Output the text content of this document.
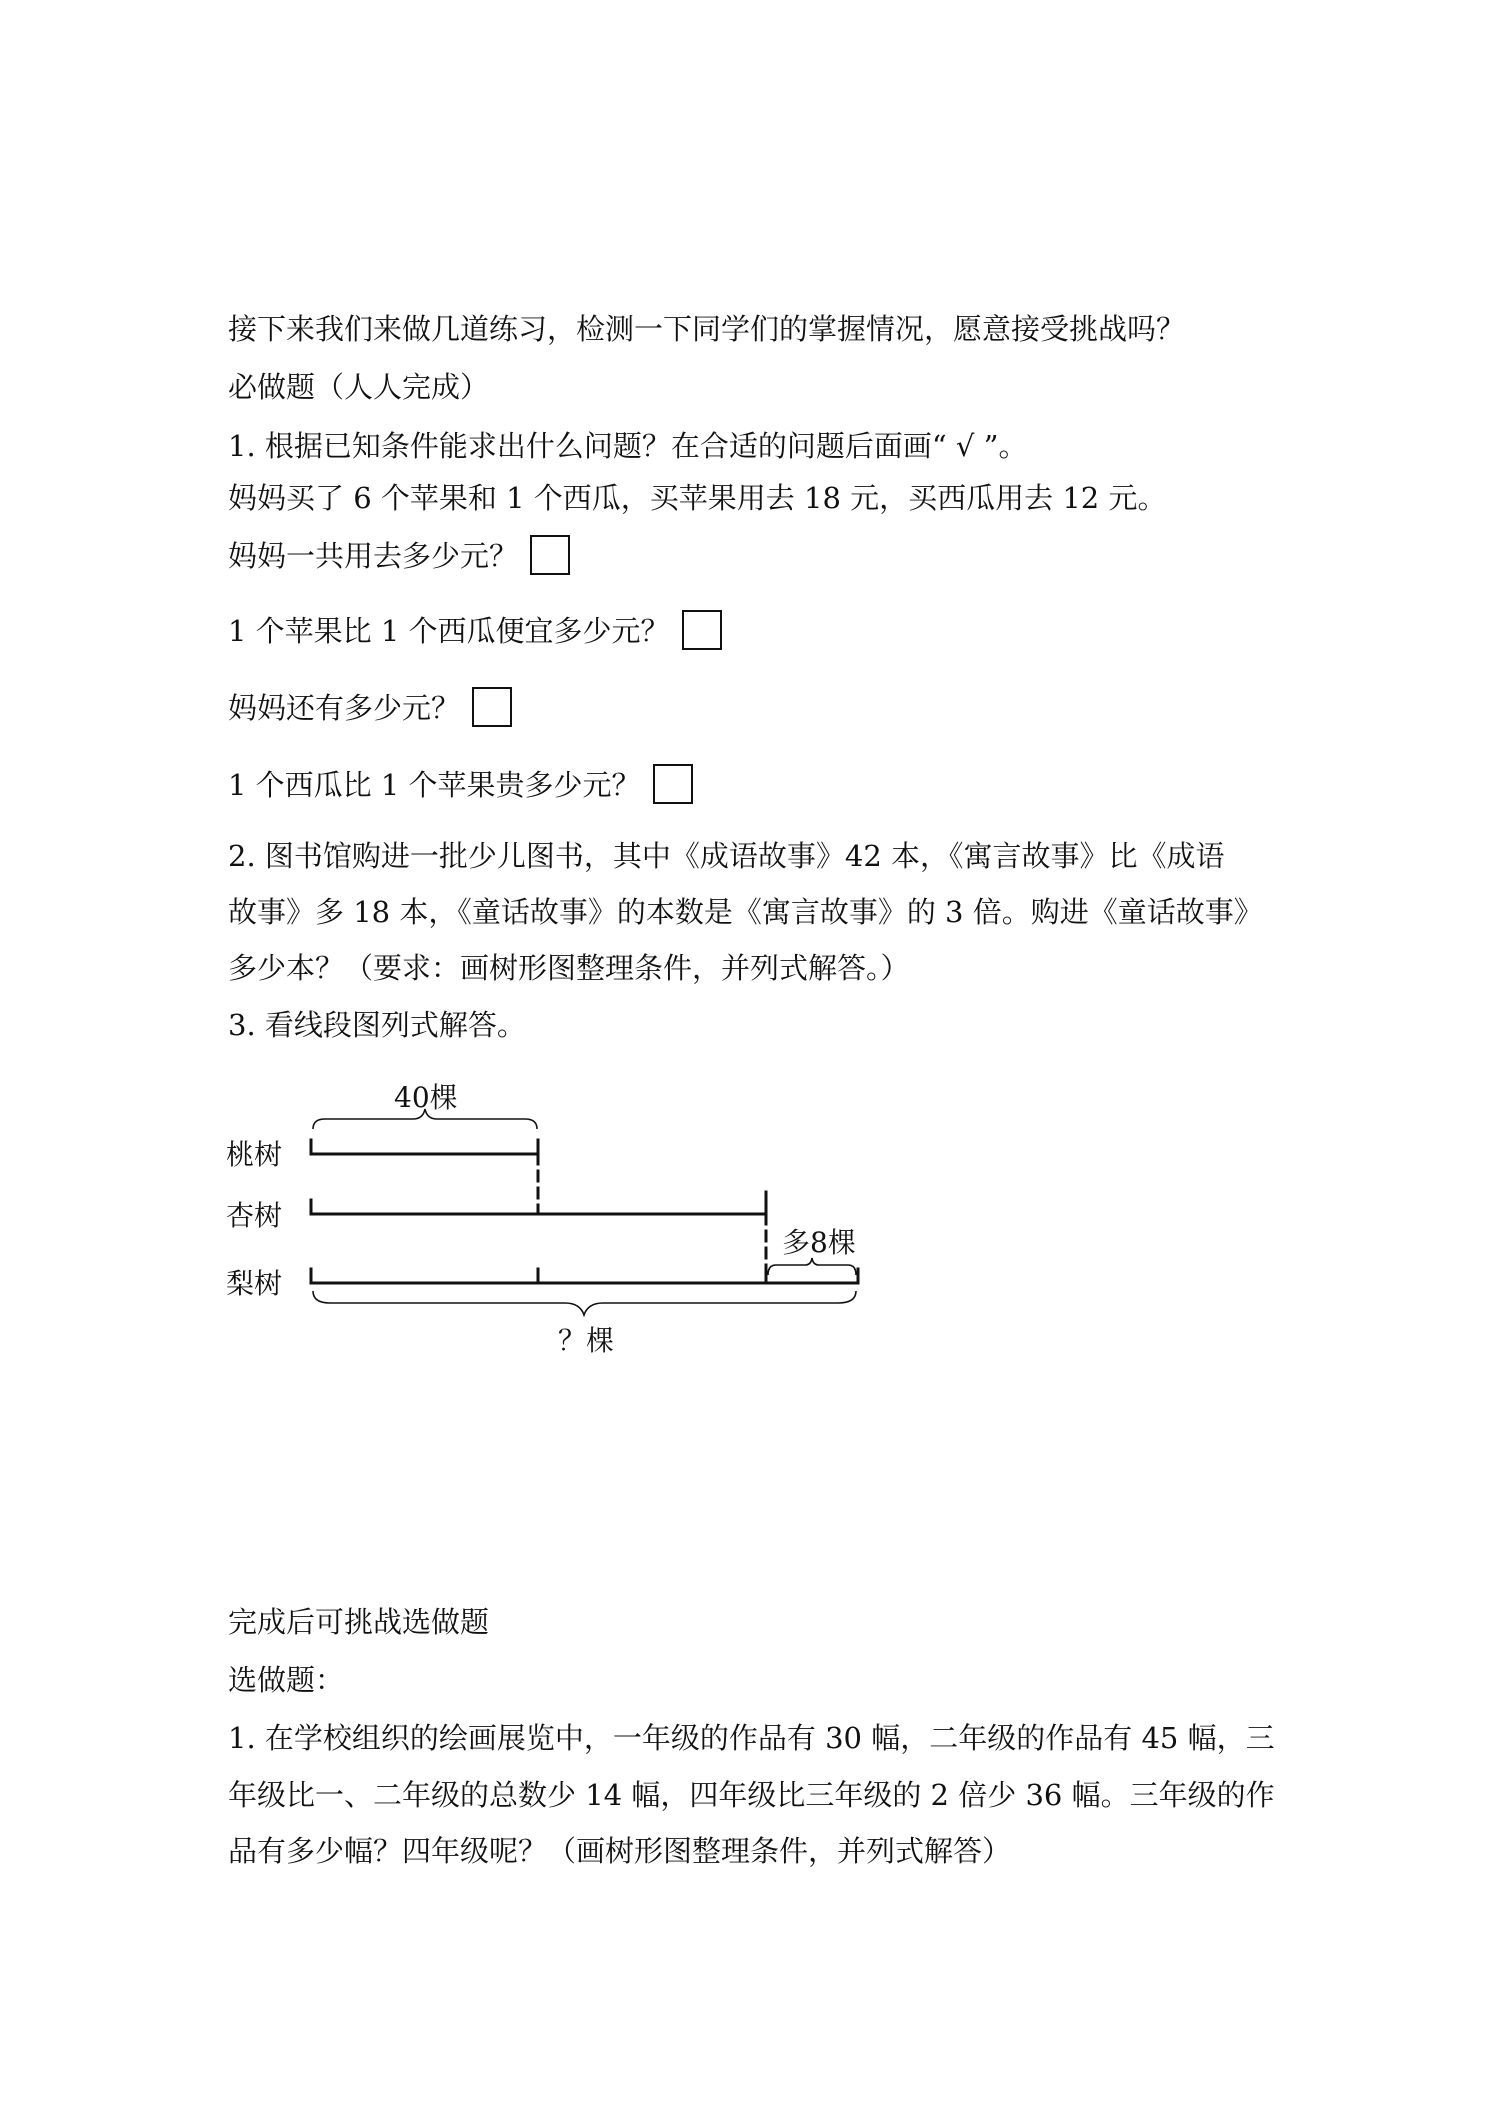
接下来我们来做几道练习，检测一下同学们的掌握情况，愿意接受挑战吗？
必做题（人人完成）
1. 根据已知条件能求出什么问题？在合适的问题后面画“ √ ”。
妈妈买了 6 个苹果和 1 个西瓜，买苹果用去 18 元，买西瓜用去 12 元。
妈妈一共用去多少元？
1 个苹果比 1 个西瓜便宜多少元？
妈妈还有多少元？
1 个西瓜比 1 个苹果贵多少元？
2. 图书馆购进一批少儿图书，其中《成语故事》42 本，《寓言故事》比《成语
故事》多 18 本，《童话故事》的本数是《寓言故事》的 3 倍。购进《童话故事》
多少本？（要求：画树形图整理条件，并列式解答。）
3. 看线段图列式解答。
40棵
桃树
杏树
梨树
多8棵
？棵
完成后可挑战选做题
选做题：
1. 在学校组织的绘画展览中，一年级的作品有 30 幅，二年级的作品有 45 幅，三
年级比一、二年级的总数少 14 幅，四年级比三年级的 2 倍少 36 幅。三年级的作
品有多少幅？四年级呢？（画树形图整理条件，并列式解答）
